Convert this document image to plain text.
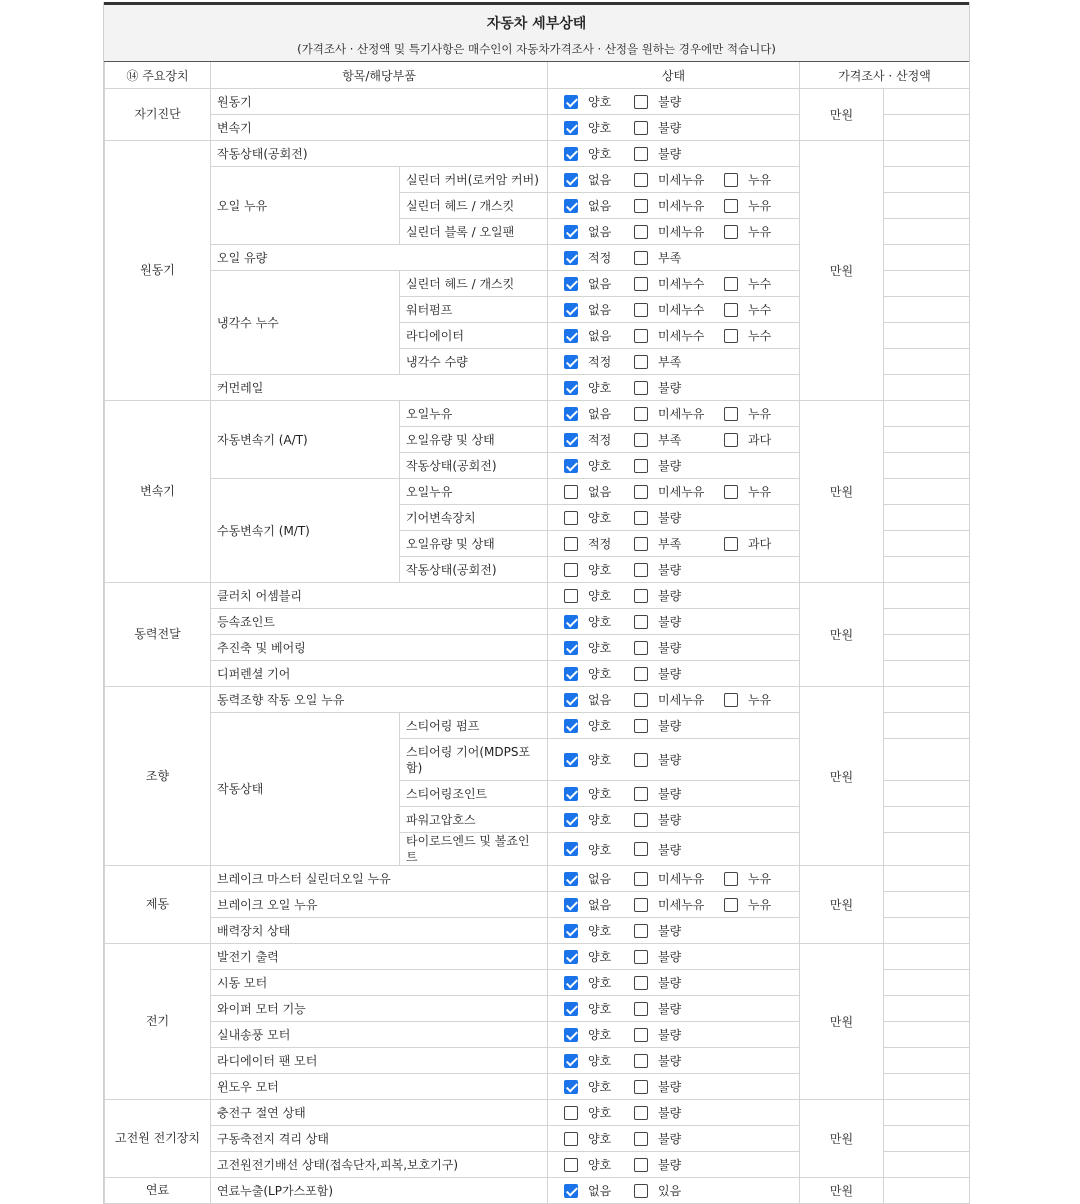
자동차 세부상태
(가격조사 · 산정액 및 특기사항은 매수인이 자동차가격조사 · 산정을 원하는 경우에만 적습니다)
⑭ 주요장치	항목/해당부품		상태	가격조사 · 산정액	
자기진단	원동기		양호 불량	만원	
	변속기		양호 불량		
원동기	작동상태(공회전)		양호 불량	만원	
	오일 누유	실린더 커버(로커암 커버)	없음 미세누유 누유		
		실린더 헤드 / 개스킷	없음 미세누유 누유		
		실린더 블록 / 오일팬	없음 미세누유 누유		
	오일 유량		적정 부족		
	냉각수 누수	실린더 헤드 / 개스킷	없음 미세누수 누수		
		워터펌프	없음 미세누수 누수		
		라디에이터	없음 미세누수 누수		
		냉각수 수량	적정 부족		
	커먼레일		양호 불량		
변속기	자동변속기 (A/T)	오일누유	없음 미세누유 누유	만원	
		오일유량 및 상태	적정 부족 과다		
		작동상태(공회전)	양호 불량		
	수동변속기 (M/T)	오일누유	없음 미세누유 누유		
		기어변속장치	양호 불량		
		오일유량 및 상태	적정 부족 과다		
		작동상태(공회전)	양호 불량		
동력전달	클러치 어셈블리		양호 불량	만원	
	등속죠인트		양호 불량		
	추진축 및 베어링		양호 불량		
	디퍼렌셜 기어		양호 불량		
조향	동력조향 작동 오일 누유		없음 미세누유 누유	만원	
	작동상태	스티어링 펌프	양호 불량		
		스티어링 기어(MDPS포함)	양호 불량		
		스티어링조인트	양호 불량		
		파워고압호스	양호 불량		
		타이로드엔드 및 볼죠인트	양호 불량		
제동	브레이크 마스터 실린더오일 누유		없음 미세누유 누유	만원	
	브레이크 오일 누유		없음 미세누유 누유		
	배력장치 상태		양호 불량		
전기	발전기 출력		양호 불량	만원	
	시동 모터		양호 불량		
	와이퍼 모터 기능		양호 불량		
	실내송풍 모터		양호 불량		
	라디에이터 팬 모터		양호 불량		
	윈도우 모터		양호 불량		
고전원 전기장치	충전구 절연 상태		양호 불량	만원	
	구동축전지 격리 상태		양호 불량		
	고전원전기배선 상태(접속단자,피복,보호기구)		양호 불량		
연료	연료누출(LP가스포함)		없음 있음	만원	
